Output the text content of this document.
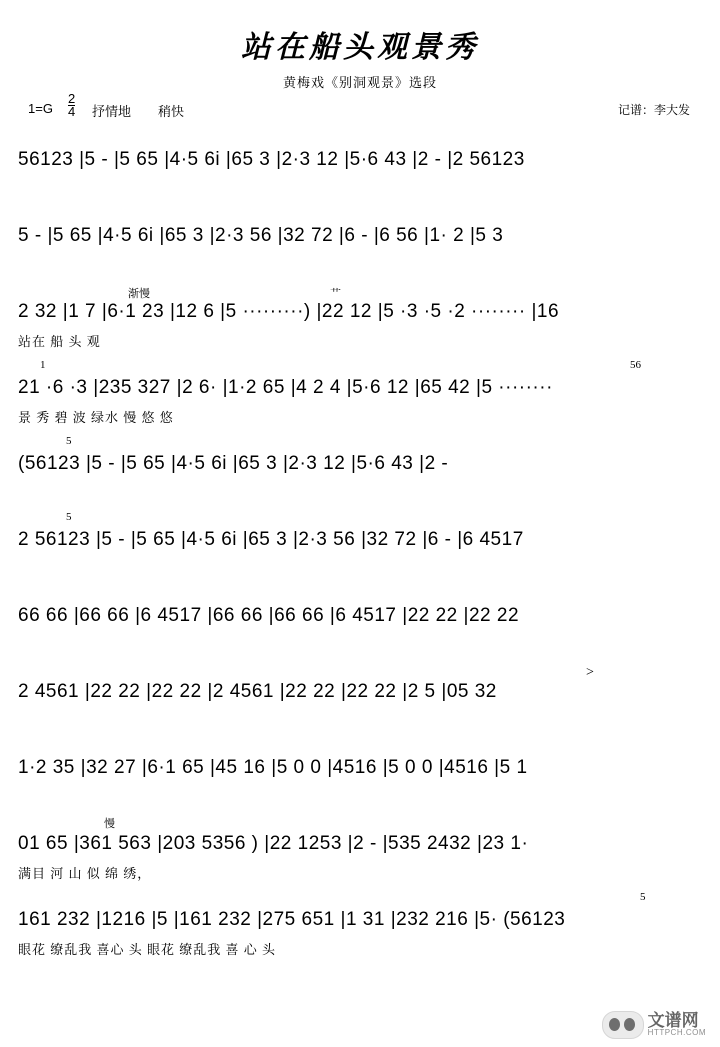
站在船头观景秀
黄梅戏《别洞观景》选段
$1=G \frac{2}{4}$ 抒情地 稍快	记谱：李大发
56123 |5 - |5 65 |4·5 6i |65 3 |2·3 12 |5·6 43 |2 - |2 56123
5 - |5 65 |4·5 6i |65 3 |2·3 56 |32 72 |6 - |6 56 |1· 2 |5 3
渐慢	艹
2 32 |1 7 |6·1 23 |12 6 |5 ·········) |22 12 |5 ·3 ·5 ·2 ········ |16
站在 船 头 观
1	56
21 ·6 ·3 |235 327 |2 6· |1·2 65 |4 2 4 |5·6 12 |65 42 |5 ········
景 秀 碧 波 绿水 慢 悠 悠
5
(56123 |5 - |5 65 |4·5 6i |65 3 |2·3 12 |5·6 43 |2 -
5
2 56123 |5 - |5 65 |4·5 6i |65 3 |2·3 56 |32 72 |6 - |6 4517
66 66 |66 66 |6 4517 |66 66 |66 66 |6 4517 |22 22 |22 22
>
2 4561 |22 22 |22 22 |2 4561 |22 22 |22 22 |2 5 |05 32
1·2 35 |32 27 |6·1 65 |45 16 |5 0 0 |4516 |5 0 0 |4516 |5 1
慢
01 65 |361 563 |203 5356 ) |22 1253 |2 - |535 2432 |23 1·
满目 河 山 似 绵 绣，
5
161 232 |1216 |5 |161 232 |275 651 |1 31 |232 216 |5· (56123
眼花 缭乱我 喜心 头 眼花 缭乱我 喜 心 头
文谱网
HTTPCH.COM
